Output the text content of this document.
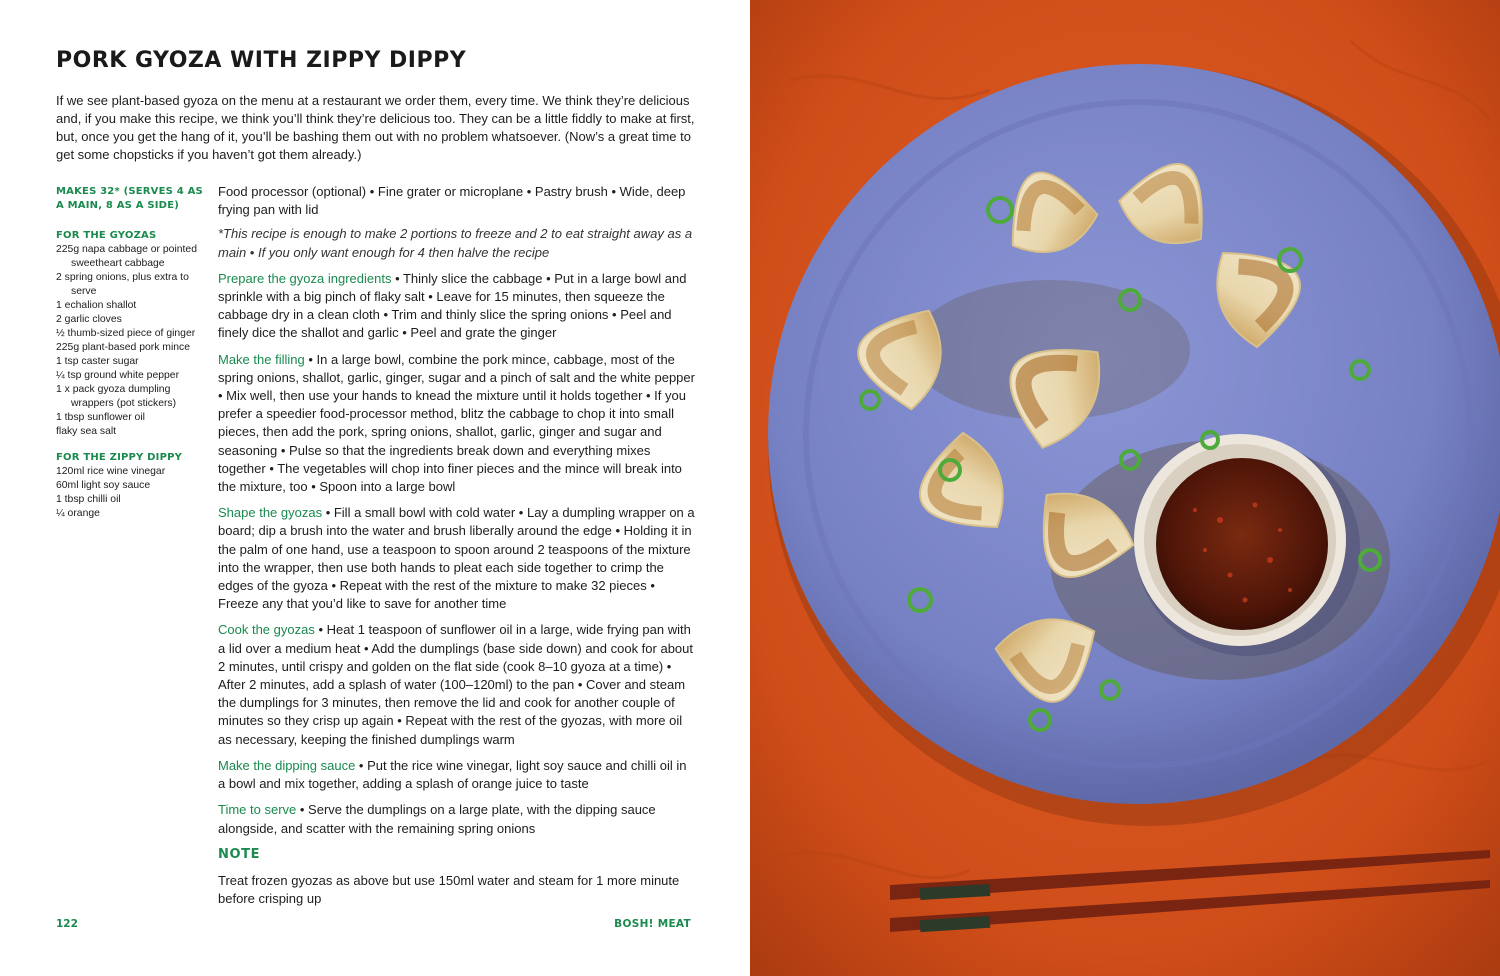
PORK GYOZA WITH ZIPPY DIPPY

If we see plant-based gyoza on the menu at a restaurant we order them, every time. We think they’re delicious and, if you make this recipe, we think you’ll think they’re delicious too. They can be a little fiddly to make at first, but, once you get the hang of it, you’ll be bashing them out with no problem whatsoever. (Now’s a great time to get some chopsticks if you haven’t got them already.)

MAKES 32* (SERVES 4 AS A MAIN, 8 AS A SIDE)

FOR THE GYOZAS

225g napa cabbage or pointed sweetheart cabbage
2 spring onions, plus extra to serve
1 echalion shallot
2 garlic cloves
½ thumb-sized piece of ginger
225g plant-based pork mince
1 tsp caster sugar
¼ tsp ground white pepper
1 x pack gyoza dumpling wrappers (pot stickers)
1 tbsp sunflower oil
flaky sea salt

FOR THE ZIPPY DIPPY

120ml rice wine vinegar
60ml light soy sauce
1 tbsp chilli oil
¼ orange

Food processor (optional) • Fine grater or microplane • Pastry brush • Wide, deep frying pan with lid

*This recipe is enough to make 2 portions to freeze and 2 to eat straight away as a main • If you only want enough for 4 then halve the recipe

Prepare the gyoza ingredients • Thinly slice the cabbage • Put in a large bowl and sprinkle with a big pinch of flaky salt • Leave for 15 minutes, then squeeze the cabbage dry in a clean cloth • Trim and thinly slice the spring onions • Peel and finely dice the shallot and garlic • Peel and grate the ginger

Make the filling • In a large bowl, combine the pork mince, cabbage, most of the spring onions, shallot, garlic, ginger, sugar and a pinch of salt and the white pepper • Mix well, then use your hands to knead the mixture until it holds together • If you prefer a speedier food-processor method, blitz the cabbage to chop it into small pieces, then add the pork, spring onions, shallot, garlic, ginger and sugar and seasoning • Pulse so that the ingredients break down and everything mixes together • The vegetables will chop into finer pieces and the mince will break into the mixture, too • Spoon into a large bowl

Shape the gyozas • Fill a small bowl with cold water • Lay a dumpling wrapper on a board; dip a brush into the water and brush liberally around the edge • Holding it in the palm of one hand, use a teaspoon to spoon around 2 teaspoons of the mixture into the wrapper, then use both hands to pleat each side together to crimp the edges of the gyoza • Repeat with the rest of the mixture to make 32 pieces • Freeze any that you’d like to save for another time

Cook the gyozas • Heat 1 teaspoon of sunflower oil in a large, wide frying pan with a lid over a medium heat • Add the dumplings (base side down) and cook for about 2 minutes, until crispy and golden on the flat side (cook 8–10 gyoza at a time) • After 2 minutes, add a splash of water (100–120ml) to the pan • Cover and steam the dumplings for 3 minutes, then remove the lid and cook for another couple of minutes so they crisp up again • Repeat with the rest of the gyozas, with more oil as necessary, keeping the finished dumplings warm

Make the dipping sauce • Put the rice wine vinegar, light soy sauce and chilli oil in a bowl and mix together, adding a splash of orange juice to taste

Time to serve • Serve the dumplings on a large plate, with the dipping sauce alongside, and scatter with the remaining spring onions

NOTE

Treat frozen gyozas as above but use 150ml water and steam for 1 more minute before crisping up

122	BOSH! MEAT
